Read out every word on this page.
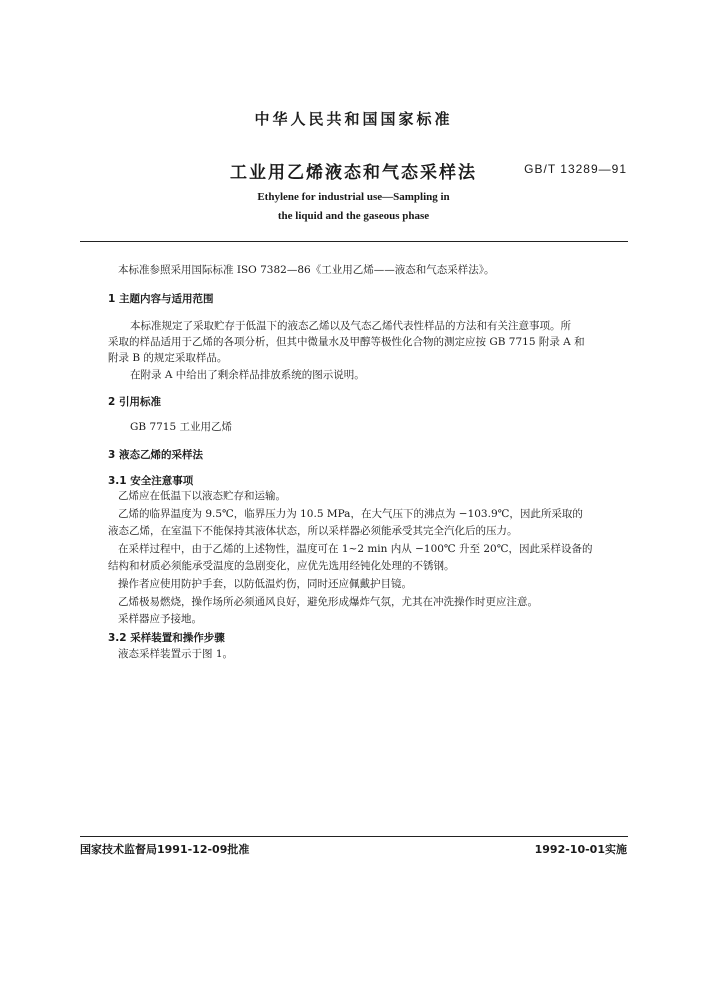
中华人民共和国国家标准
工业用乙烯液态和气态采样法	GB/T 13289—91
Ethylene for industrial use—Sampling in
the liquid and the gaseous phase
本标准参照采用国际标准 ISO 7382—86《工业用乙烯——液态和气态采样法》。
1 主题内容与适用范围
本标准规定了采取贮存于低温下的液态乙烯以及气态乙烯代表性样品的方法和有关注意事项。所
采取的样品适用于乙烯的各项分析，但其中微量水及甲醇等极性化合物的测定应按 GB 7715 附录 A 和
附录 B 的规定采取样品。
在附录 A 中给出了剩余样品排放系统的图示说明。
2 引用标准
GB 7715 工业用乙烯
3 液态乙烯的采样法
3.1 安全注意事项
乙烯应在低温下以液态贮存和运输。
乙烯的临界温度为 9.5℃，临界压力为 10.5 MPa，在大气压下的沸点为 −103.9℃，因此所采取的
液态乙烯，在室温下不能保持其液体状态，所以采样器必须能承受其完全汽化后的压力。
在采样过程中，由于乙烯的上述物性，温度可在 1~2 min 内从 −100℃ 升至 20℃，因此采样设备的
结构和材质必须能承受温度的急剧变化，应优先选用经钝化处理的不锈钢。
操作者应使用防护手套，以防低温灼伤，同时还应佩戴护目镜。
乙烯极易燃烧，操作场所必须通风良好，避免形成爆炸气氛，尤其在冲洗操作时更应注意。
采样器应予接地。
3.2 采样装置和操作步骤
液态采样装置示于图 1。
国家技术监督局1991-12-09批准	1992-10-01实施
